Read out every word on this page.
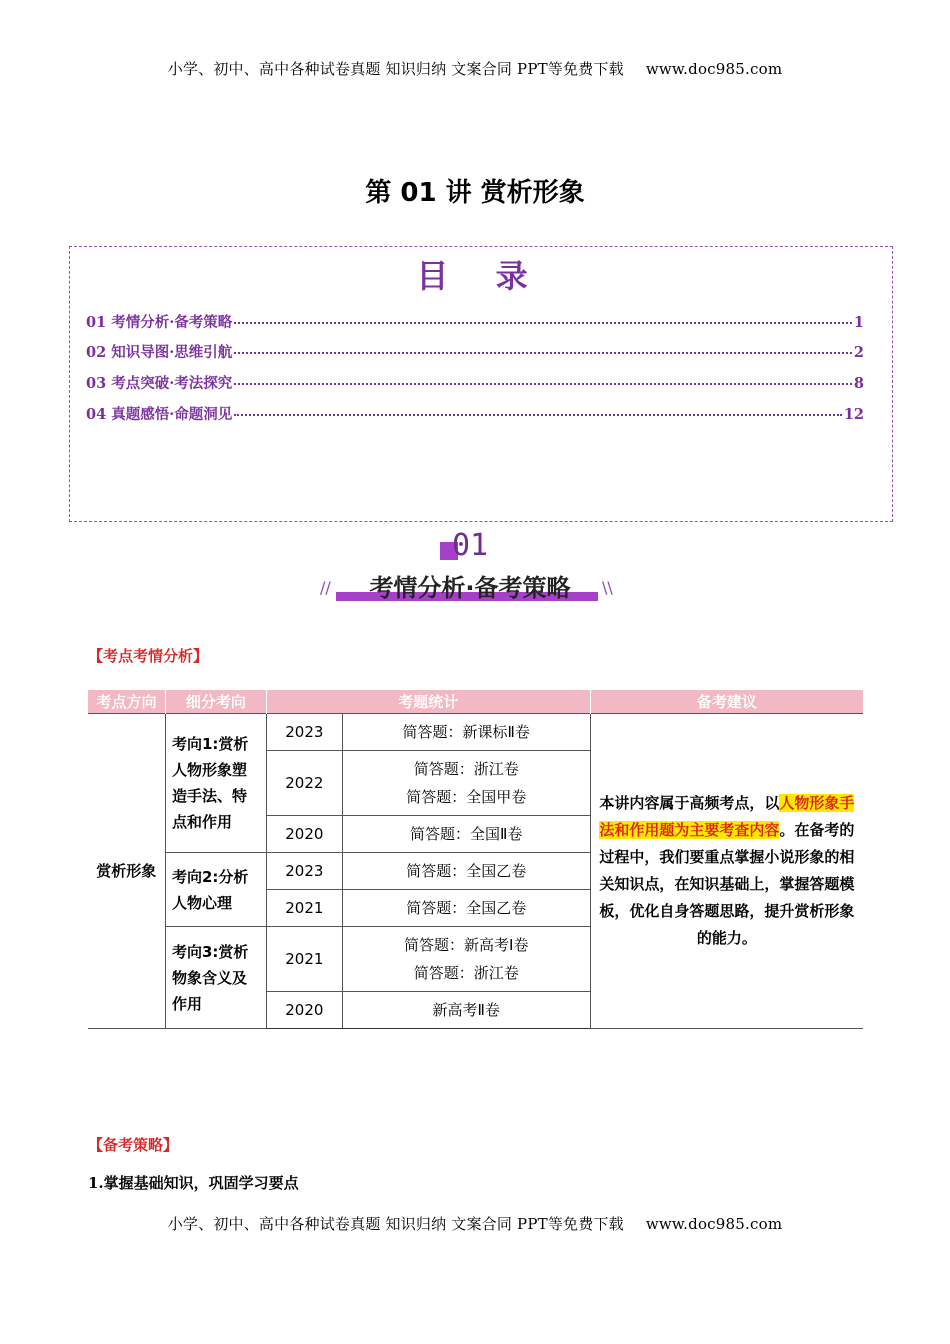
小学、初中、高中各种试卷真题 知识归纳 文案合同 PPT等免费下载 www.doc985.com
第 01 讲 赏析形象
目 录
01 考情分析·备考策略	1
02 知识导图·思维引航	2
03 考点突破·考法探究	8
04 真题感悟·命题洞见	12
01
考情分析·备考策略
//	\\
【考点考情分析】
考点方向	细分考向	考题统计		备考建议
赏析形象	考向1:赏析人物形象塑造手法、特点和作用	2023	简答题：新课标Ⅱ卷	本讲内容属于高频考点，以人物形象手法和作用题为主要考查内容。在备考的过程中，我们要重点掌握小说形象的相关知识点，在知识基础上，掌握答题模板，优化自身答题思路，提升赏析形象的能力。
		2022	简答题：浙江卷
简答题：全国甲卷	

		2020	简答题：全国Ⅱ卷	
	考向2:分析人物心理	2023	简答题：全国乙卷	
		2021	简答题：全国乙卷	
	考向3:赏析物象含义及作用	2021	简答题：新高考Ⅰ卷
简答题：浙江卷	

		2020	新高考Ⅱ卷	
【备考策略】
1.掌握基础知识，巩固学习要点
小学、初中、高中各种试卷真题 知识归纳 文案合同 PPT等免费下载 www.doc985.com
